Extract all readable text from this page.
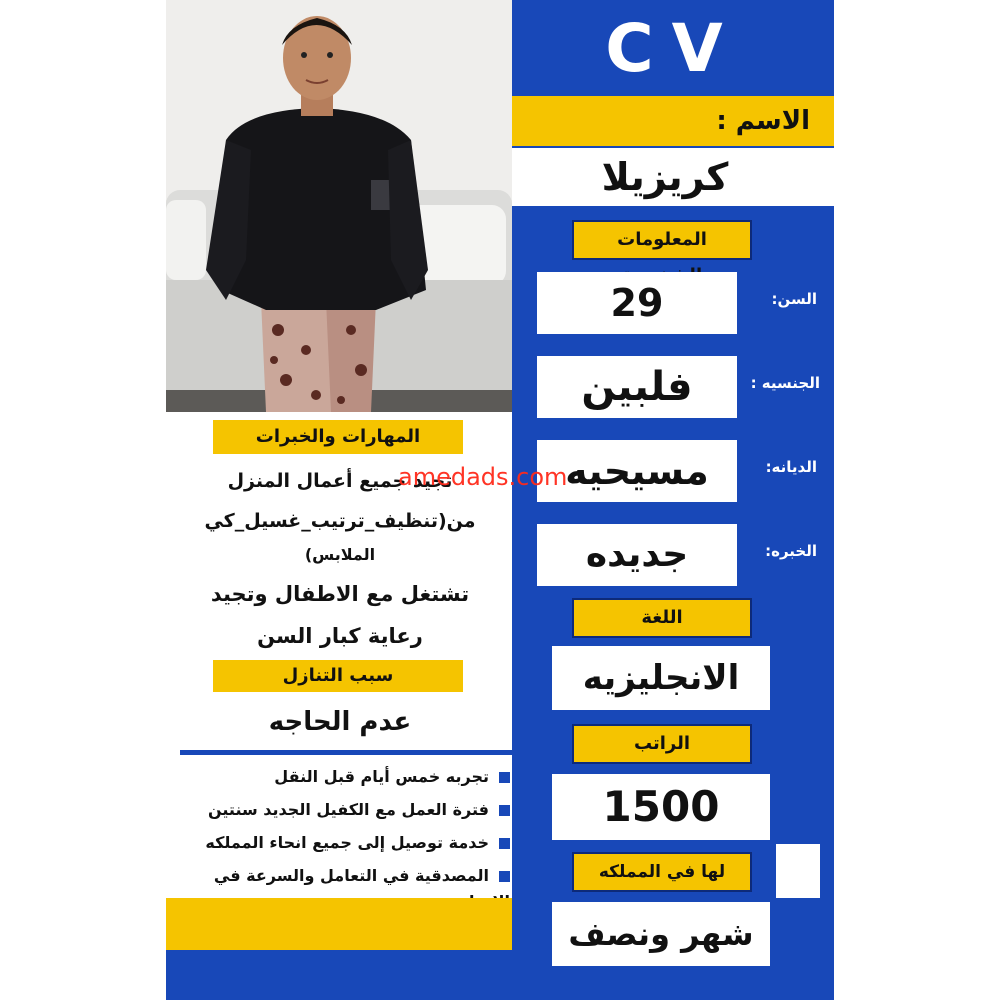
المهارات والخبرات
تجيد جميع أعمال المنزل
من(تنظيف_ترتيب_غسيل_كي
الملابس)
تشتغل مع الاطفال وتجيد
رعاية كبار السن
سبب التنازل
عدم الحاجه
تجربه خمس أيام قبل النقل
فترة العمل مع الكفيل الجديد سنتين
خدمة توصيل إلى جميع انحاء المملكه
المصدقية في التعامل والسرعة في
CV
الاسم :
كريزيلا
المعلومات
29	السن:
فلبين	الجنسيه :
مسيحيه	الديانه:
جديده	الخبره:
اللغة
الانجليزيه
الراتب
1500
لها في المملكه
شهر ونصف
amedads.com
